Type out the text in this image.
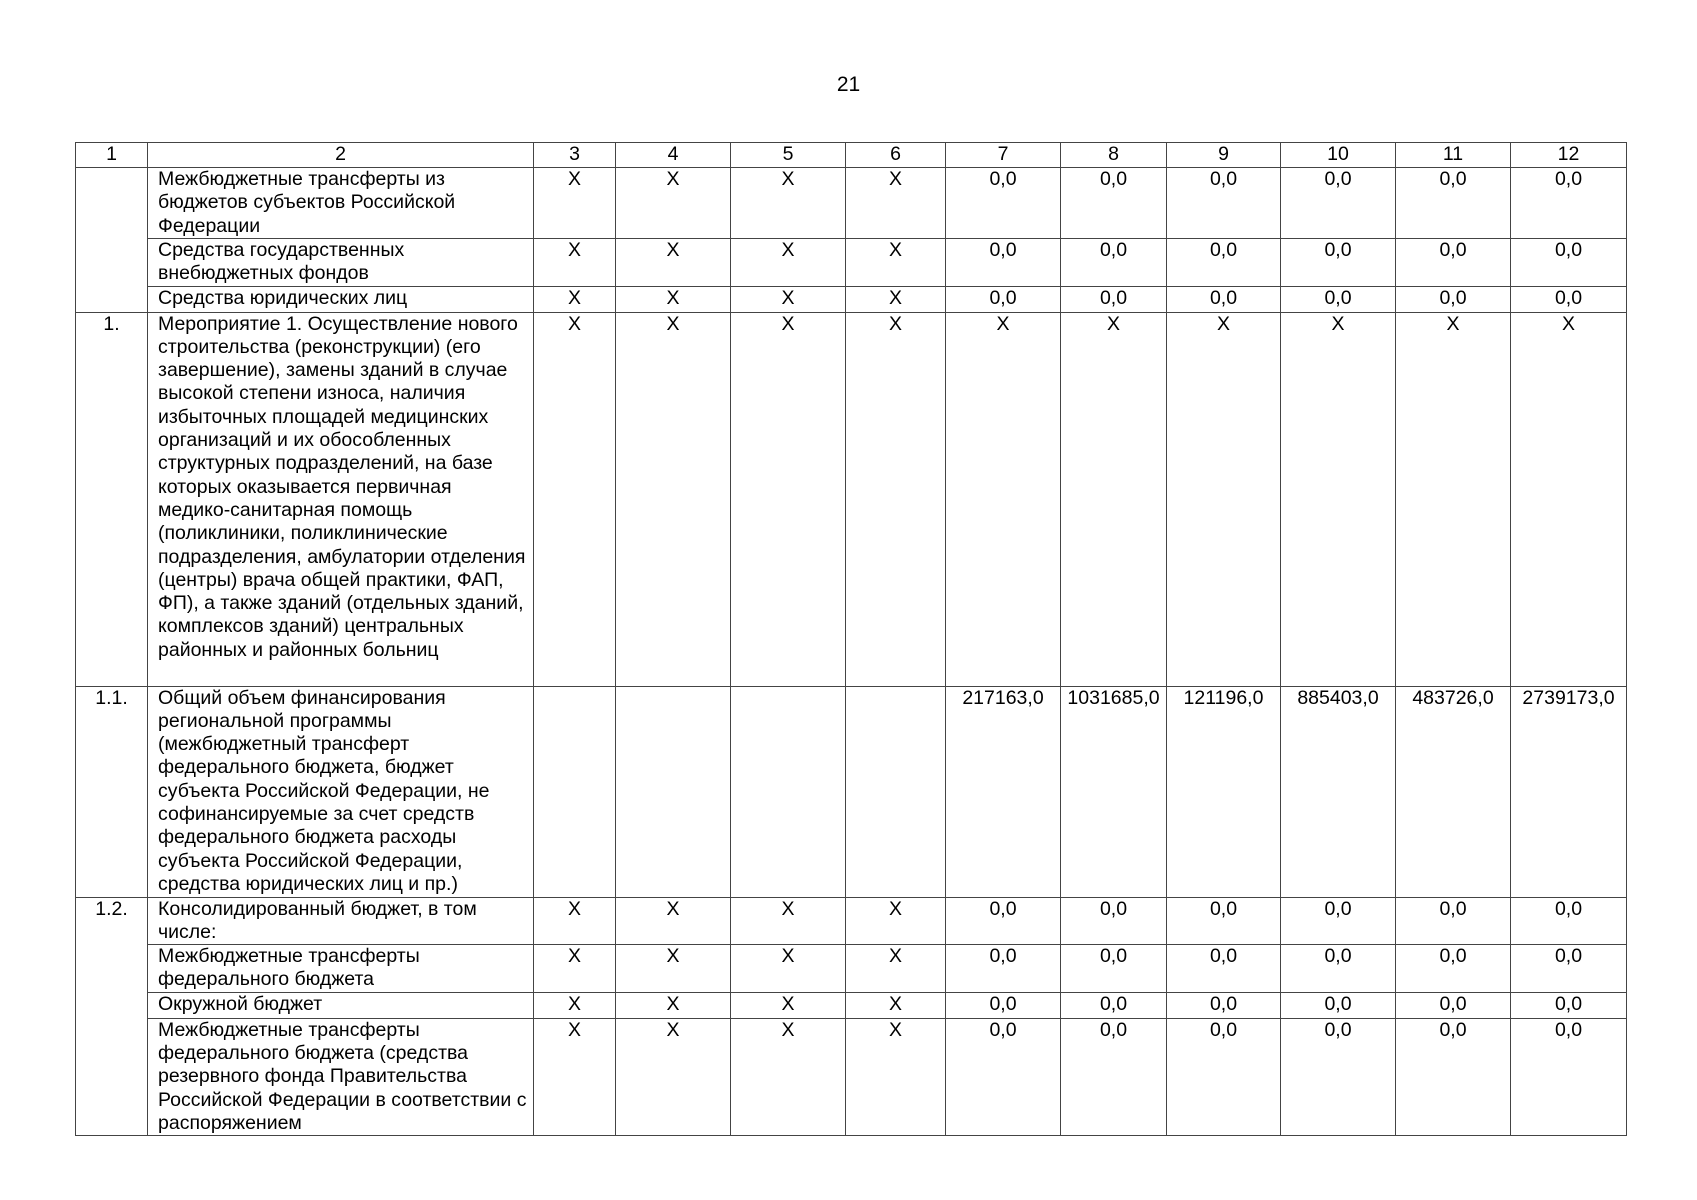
21
1	2	3	4	5	6	7	8	9	10	11	12
	Межбюджетные трансферты из бюджетов субъектов Российской Федерации	Х	Х	Х	Х	0,0	0,0	0,0	0,0	0,0	0,0
	Средства государственных внебюджетных фондов	Х	Х	Х	Х	0,0	0,0	0,0	0,0	0,0	0,0
	Средства юридических лиц	Х	Х	Х	Х	0,0	0,0	0,0	0,0	0,0	0,0
1.	Мероприятие 1. Осуществление нового строительства (реконструкции) (его завершение), замены зданий в случае высокой степени износа, наличия избыточных площадей медицинских организаций и их обособленных структурных подразделений, на базе которых оказывается первичная медико-санитарная помощь (поликлиники, поликлинические подразделения, амбулатории отделения (центры) врача общей практики, ФАП, ФП), а также зданий (отдельных зданий, комплексов зданий) центральных районных и районных больниц	Х	Х	Х	Х	Х	Х	Х	Х	Х	Х
1.1.	Общий объем финансирования региональной программы (межбюджетный трансферт федерального бюджета, бюджет субъекта Российской Федерации, не софинансируемые за счет средств федерального бюджета расходы субъекта Российской Федерации, средства юридических лиц и пр.)					217163,0	1031685,0	121196,0	885403,0	483726,0	2739173,0
1.2.	Консолидированный бюджет, в том числе:	Х	Х	Х	Х	0,0	0,0	0,0	0,0	0,0	0,0
	Межбюджетные трансферты федерального бюджета	Х	Х	Х	Х	0,0	0,0	0,0	0,0	0,0	0,0
	Окружной бюджет	Х	Х	Х	Х	0,0	0,0	0,0	0,0	0,0	0,0
	Межбюджетные трансферты федерального бюджета (средства резервного фонда Правительства Российской Федерации в соответствии с распоряжением	Х	Х	Х	Х	0,0	0,0	0,0	0,0	0,0	0,0
